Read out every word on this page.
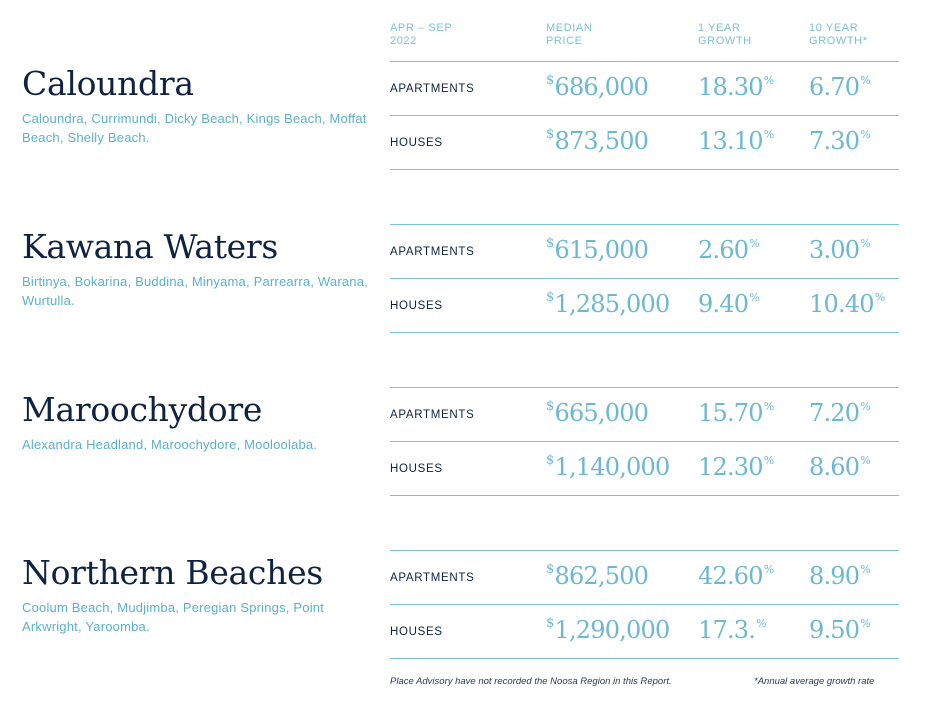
APR – SEP
2022
MEDIAN
PRICE
1 YEAR
GROWTH
10 YEAR
GROWTH*
Caloundra
Caloundra, Currimundi, Dicky Beach, Kings Beach, Moffat Beach, Shelly Beach.
APARTMENTS
$686,000 18.30% 6.70%
HOUSES
$873,500 13.10% 7.30%
Kawana Waters
Birtinya, Bokarina, Buddina, Minyama, Parrearra, Warana, Wurtulla.
APARTMENTS
$615,000 2.60% 3.00%
HOUSES
$1,285,000 9.40% 10.40%
Maroochydore
Alexandra Headland, Maroochydore, Mooloolaba.
APARTMENTS
$665,000 15.70% 7.20%
HOUSES
$1,140,000 12.30% 8.60%
Northern Beaches
Coolum Beach, Mudjimba, Peregian Springs, Point Arkwright, Yaroomba.
APARTMENTS
$862,500 42.60% 8.90%
HOUSES
$1,290,000 17.3.% 9.50%
Place Advisory have not recorded the Noosa Region in this Report.	*Annual average growth rate
